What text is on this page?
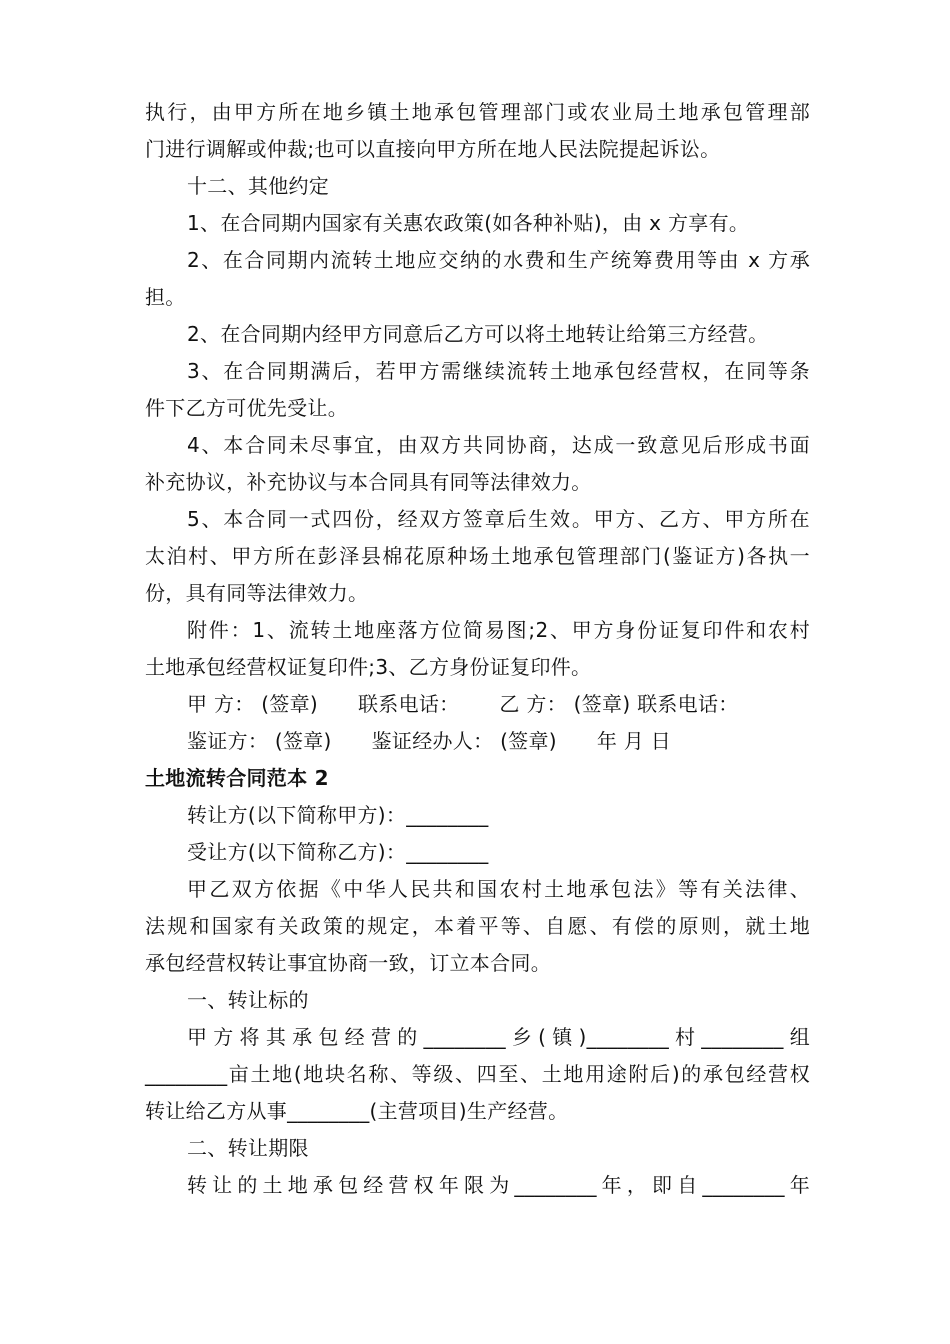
执行，由甲方所在地乡镇土地承包管理部门或农业局土地承包管理部
门进行调解或仲裁;也可以直接向甲方所在地人民法院提起诉讼。
十二、其他约定
1、在合同期内国家有关惠农政策(如各种补贴)，由 x 方享有。
2、在合同期内流转土地应交纳的水费和生产统筹费用等由 x 方承
担。
2、在合同期内经甲方同意后乙方可以将土地转让给第三方经营。
3、在合同期满后，若甲方需继续流转土地承包经营权，在同等条
件下乙方可优先受让。
4、本合同未尽事宜，由双方共同协商，达成一致意见后形成书面
补充协议，补充协议与本合同具有同等法律效力。
5、本合同一式四份，经双方签章后生效。甲方、乙方、甲方所在
太泊村、甲方所在彭泽县棉花原种场土地承包管理部门(鉴证方)各执一
份，具有同等法律效力。
附件：1、流转土地座落方位简易图;2、甲方身份证复印件和农村
土地承包经营权证复印件;3、乙方身份证复印件。
甲 方： (签章)      联系电话：      乙 方： (签章) 联系电话：
鉴证方： (签章)      鉴证经办人： (签章)      年 月 日
土地流转合同范本 2
转让方(以下简称甲方)：________
受让方(以下简称乙方)：________
甲乙双方依据《中华人民共和国农村土地承包法》等有关法律、
法规和国家有关政策的规定，本着平等、自愿、有偿的原则，就土地
承包经营权转让事宜协商一致，订立本合同。
一、转让标的
甲方将其承包经营的________乡(镇)________村________组
________亩土地(地块名称、等级、四至、土地用途附后)的承包经营权
转让给乙方从事________(主营项目)生产经营。
二、转让期限
转让的土地承包经营权年限为________年，即自________年
